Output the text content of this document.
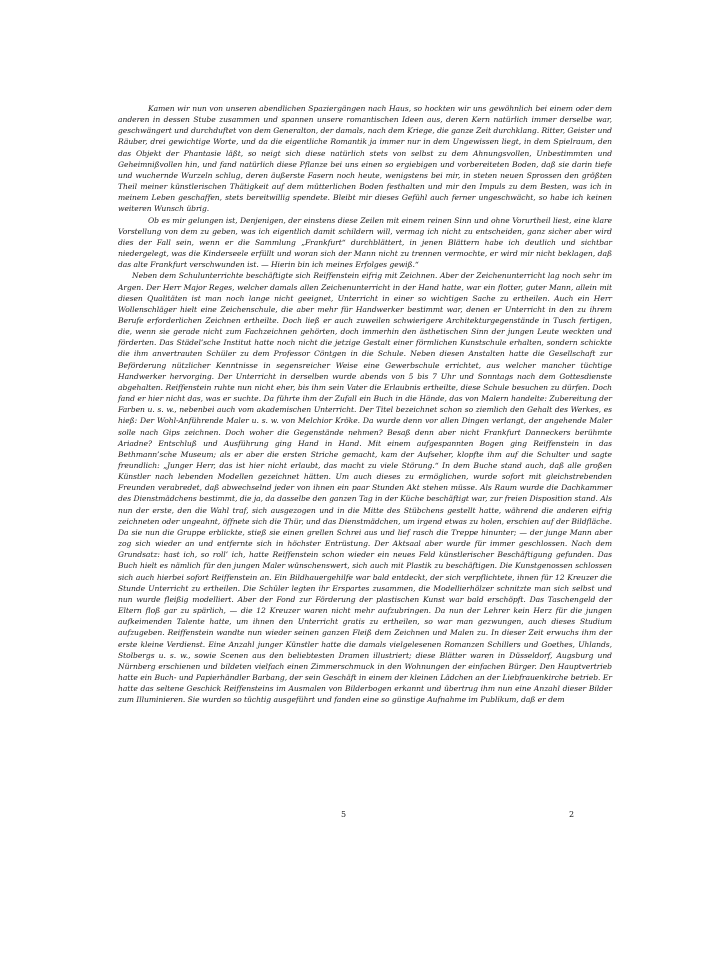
Kamen wir nun von unseren abendlichen Spaziergängen nach Haus, so hockten wir uns gewöhnlich bei einem oder dem anderen in dessen Stube zusammen und spannen unsere romantischen Ideen aus, deren Kern natürlich immer derselbe war, geschwängert und durchduftet von dem Generalton, der damals, nach dem Kriege, die ganze Zeit durchklang. Ritter, Geister und Räuber, drei gewichtige Worte, und da die eigentliche Romantik ja immer nur in dem Ungewissen liegt, in dem Spielraum, den das Objekt der Phantasie läßt, so neigt sich diese natürlich stets von selbst zu dem Ahnungsvollen, Unbestimmten und Geheimnißvollen hin, und fand natürlich diese Pflanze bei uns einen so ergiebigen und vorbereiteten Boden, daß sie darin tiefe und wuchernde Wurzeln schlug, deren äußerste Fasern noch heute, wenigstens bei mir, in steten neuen Sprossen den größten Theil meiner künstlerischen Thätigkeit auf dem mütterlichen Boden festhalten und mir den Impuls zu dem Besten, was ich in meinem Leben geschaffen, stets bereitwillig spendete. Bleibt mir dieses Gefühl auch ferner ungeschwächt, so habe ich keinen weiteren Wunsch übrig.

Ob es mir gelungen ist, Denjenigen, der einstens diese Zeilen mit einem reinen Sinn und ohne Vorurtheil liest, eine klare Vorstellung von dem zu geben, was ich eigentlich damit schildern will, vermag ich nicht zu entscheiden, ganz sicher aber wird dies der Fall sein, wenn er die Sammlung „Frankfurt“ durchblättert, in jenen Blättern habe ich deutlich und sichtbar niedergelegt, was die Kinderseele erfüllt und woran sich der Mann nicht zu trennen vermochte, er wird mir nicht beklagen, daß das alte Frankfurt verschwunden ist. — Hierin bin ich meines Erfolges gewiß.“

Neben dem Schulunterrichte beschäftigte sich Reiffenstein eifrig mit Zeichnen. Aber der Zeichenunterricht lag noch sehr im Argen. Der Herr Major Reges, welcher damals allen Zeichenunterricht in der Hand hatte, war ein flotter, guter Mann, allein mit diesen Qualitäten ist man noch lange nicht geeignet, Unterricht in einer so wichtigen Sache zu ertheilen. Auch ein Herr Wollenschläger hielt eine Zeichenschule, die aber mehr für Handwerker bestimmt war, denen er Unterricht in den zu ihrem Berufe erforderlichen Zeichnen ertheilte. Doch ließ er auch zuweilen schwierigere Architekturgegenstände in Tusch fertigen, die, wenn sie gerade nicht zum Fachzeichnen gehörten, doch immerhin den ästhetischen Sinn der jungen Leute weckten und förderten. Das Städel’sche Institut hatte noch nicht die jetzige Gestalt einer förmlichen Kunstschule erhalten, sondern schickte die ihm anvertrauten Schüler zu dem Professor Cöntgen in die Schule. Neben diesen Anstalten hatte die Gesellschaft zur Beförderung nützlicher Kenntnisse in segensreicher Weise eine Gewerbschule errichtet, aus welcher mancher tüchtige Handwerker hervorging. Der Unterricht in derselben wurde abends von 5 bis 7 Uhr und Sonntags nach dem Gottesdienste abgehalten. Reiffenstein ruhte nun nicht eher, bis ihm sein Vater die Erlaubnis ertheilte, diese Schule besuchen zu dürfen. Doch fand er hier nicht das, was er suchte. Da führte ihm der Zufall ein Buch in die Hände, das von Malern handelte: Zubereitung der Farben u. s. w., nebenbei auch vom akademischen Unterricht. Der Titel bezeichnet schon so ziemlich den Gehalt des Werkes, es hieß: Der Wohl-Anführende Maler u. s. w. von Melchior Kröke. Da wurde denn vor allen Dingen verlangt, der angehende Maler solle nach Gips zeichnen. Doch woher die Gegenstände nehmen? Besaß denn aber nicht Frankfurt Danneckers berühmte Ariadne? Entschluß und Ausführung ging Hand in Hand. Mit einem aufgespannten Bogen ging Reiffenstein in das Bethmann’sche Museum; als er aber die ersten Striche gemacht, kam der Aufseher, klopfte ihm auf die Schulter und sagte freundlich: „Junger Herr, das ist hier nicht erlaubt, das macht zu viele Störung.“ In dem Buche stand auch, daß alle großen Künstler nach lebenden Modellen gezeichnet hätten. Um auch dieses zu ermöglichen, wurde sofort mit gleichstrebenden Freunden verabredet, daß abwechselnd jeder von ihnen ein paar Stunden Akt stehen müsse. Als Raum wurde die Dachkammer des Dienstmädchens bestimmt, die ja, da dasselbe den ganzen Tag in der Küche beschäftigt war, zur freien Disposition stand. Als nun der erste, den die Wahl traf, sich ausgezogen und in die Mitte des Stübchens gestellt hatte, während die anderen eifrig zeichneten oder ungeahnt, öffnete sich die Thür, und das Dienstmädchen, um irgend etwas zu holen, erschien auf der Bildfläche. Da sie nun die Gruppe erblickte, stieß sie einen grellen Schrei aus und lief rasch die Treppe hinunter; — der junge Mann aber zog sich wieder an und entfernte sich in höchster Entrüstung. Der Aktsaal aber wurde für immer geschlossen. Nach dem Grundsatz: hast ich, so roll’ ich, hatte Reiffenstein schon wieder ein neues Feld künstlerischer Beschäftigung gefunden. Das Buch hielt es nämlich für den jungen Maler wünschenswert, sich auch mit Plastik zu beschäftigen. Die Kunstgenossen schlossen sich auch hierbei sofort Reiffenstein an. Ein Bildhauergehilfe war bald entdeckt, der sich verpflichtete, ihnen für 12 Kreuzer die Stunde Unterricht zu ertheilen. Die Schüler legten ihr Erspartes zusammen, die Modellierhölzer schnitzte man sich selbst und nun wurde fleißig modelliert. Aber der Fond zur Förderung der plastischen Kunst war bald erschöpft. Das Taschengeld der Eltern floß gar zu spärlich, — die 12 Kreuzer waren nicht mehr aufzubringen. Da nun der Lehrer kein Herz für die jungen aufkeimenden Talente hatte, um ihnen den Unterricht gratis zu ertheilen, so war man gezwungen, auch dieses Studium aufzugeben. Reiffenstein wandte nun wieder seinen ganzen Fleiß dem Zeichnen und Malen zu. In dieser Zeit erwuchs ihm der erste kleine Verdienst. Eine Anzahl junger Künstler hatte die damals vielgelesenen Romanzen Schillers und Goethes, Uhlands, Stolbergs u. s. w., sowie Scenen aus den beliebtesten Dramen illustriert; diese Blätter waren in Düsseldorf, Augsburg und Nürnberg erschienen und bildeten vielfach einen Zimmerschmuck in den Wohnungen der einfachen Bürger. Den Hauptvertrieb hatte ein Buch- und Papierhändler Barbang, der sein Geschäft in einem der kleinen Lädchen an der Liebfrauenkirche betrieb. Er hatte das seltene Geschick Reiffensteins im Ausmalen von Bilderbogen erkannt und übertrug ihm nun eine Anzahl dieser Bilder zum Illuminieren. Sie wurden so tüchtig ausgeführt und fanden eine so günstige Aufnahme im Publikum, daß er dem

5	2
